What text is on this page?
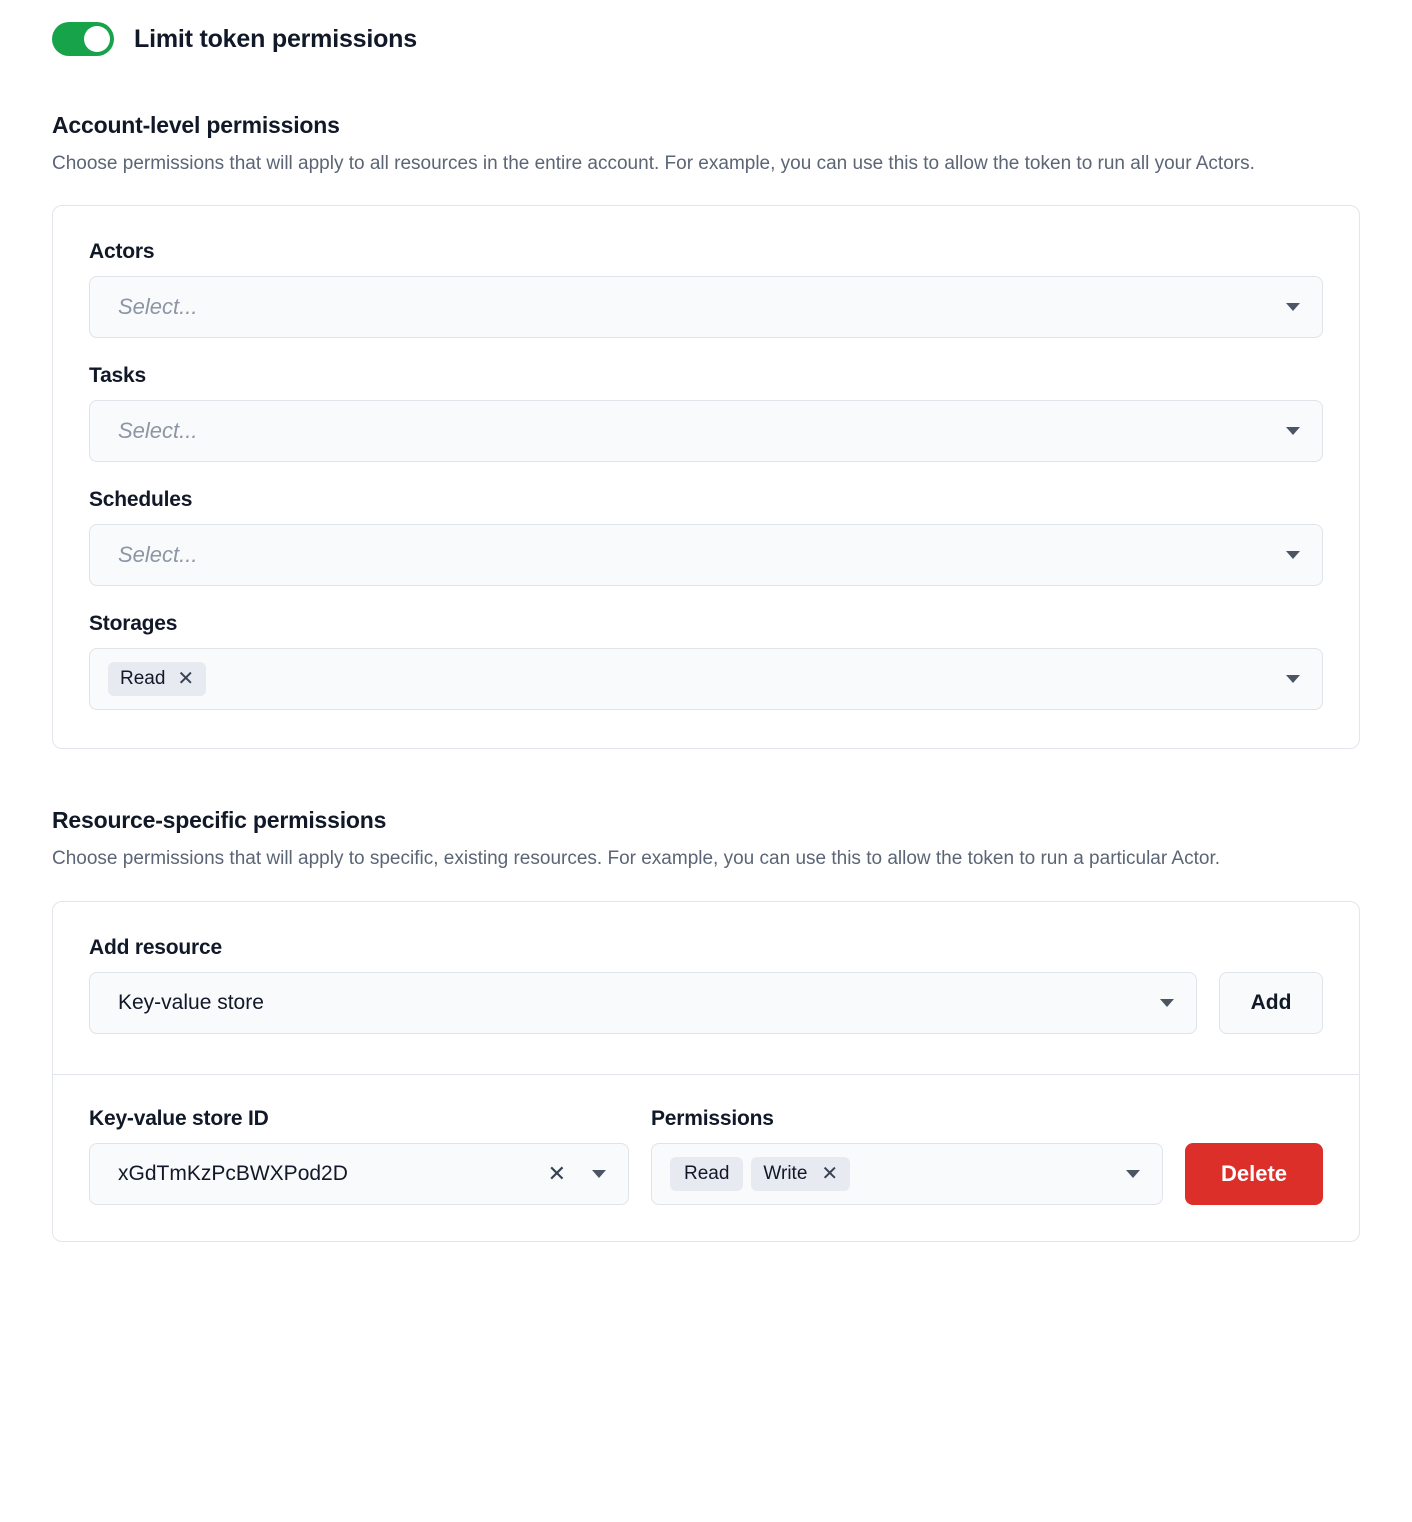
Limit token permissions
Account-level permissions

Choose permissions that will apply to all resources in the entire account. For example, you can use this to allow the token to run all your Actors.

Actors
Select...
Tasks
Select...
Schedules
Select...
Storages
Read ✕
Resource-specific permissions

Choose permissions that will apply to specific, existing resources. For example, you can use this to allow the token to run a particular Actor.

Add resource
Key-value store	Add
Key-value store ID	Permissions
xGdTmKzPcBWXPod2D	✕	Read Write ✕	Delete
